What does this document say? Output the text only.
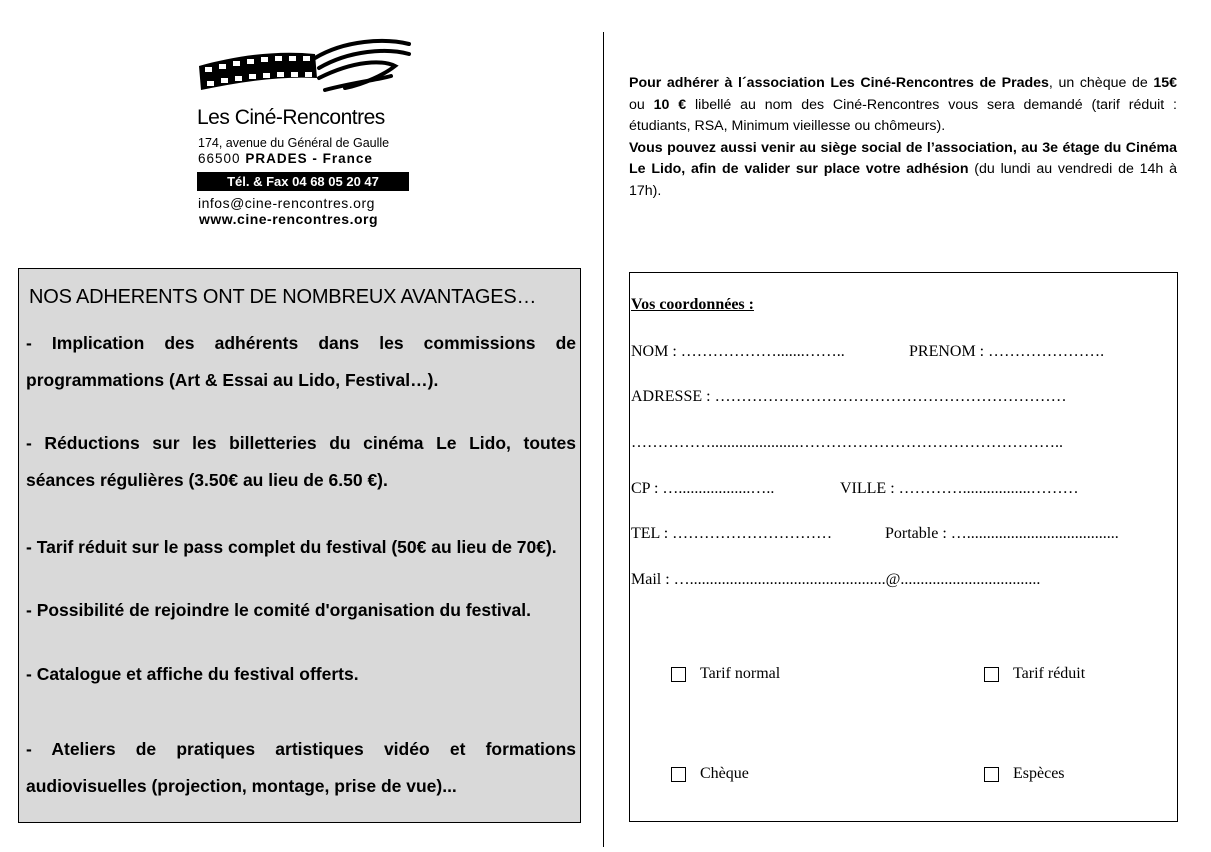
Les Ciné-Rencontres
174, avenue du Général de Gaulle
66500 PRADES - France
Tél. & Fax 04 68 05 20 47
infos@cine-rencontres.org
www.cine-rencontres.org
NOS ADHERENTS ONT DE NOMBREUX AVANTAGES…
- Implication des adhérents dans les commissions de programmations (Art & Essai au Lido, Festival…).
- Réductions sur les billetteries du cinéma Le Lido, toutes séances régulières (3.50€ au lieu de 6.50 €).
- Tarif réduit sur le pass complet du festival (50€ au lieu de 70€).
- Possibilité de rejoindre le comité d'organisation du festival.
- Catalogue et affiche du festival offerts.
- Ateliers de pratiques artistiques vidéo et formations audiovisuelles (projection, montage, prise de vue)...

Pour adhérer à l´association Les Ciné-Rencontres de Prades, un chèque de 15€ ou 10 € libellé au nom des Ciné-Rencontres vous sera demandé (tarif réduit : étudiants, RSA, Minimum vieillesse ou chômeurs).

Vous pouvez aussi venir au siège social de l’association, au 3e étage du Cinéma Le Lido, afin de valider sur place votre adhésion (du lundi au vendredi de 14h à 17h).

Vos coordonnées :
NOM : ……………….......……..	PRENOM : ………………….
ADRESSE : …………………………………………………………
……………......................…………………………………………..
CP : …..................…..	VILLE : ………….................………
TEL : …………………………	Portable : …......................................
Mail : ….................................................@...................................
Tarif normal	Tarif réduit
Chèque	Espèces
